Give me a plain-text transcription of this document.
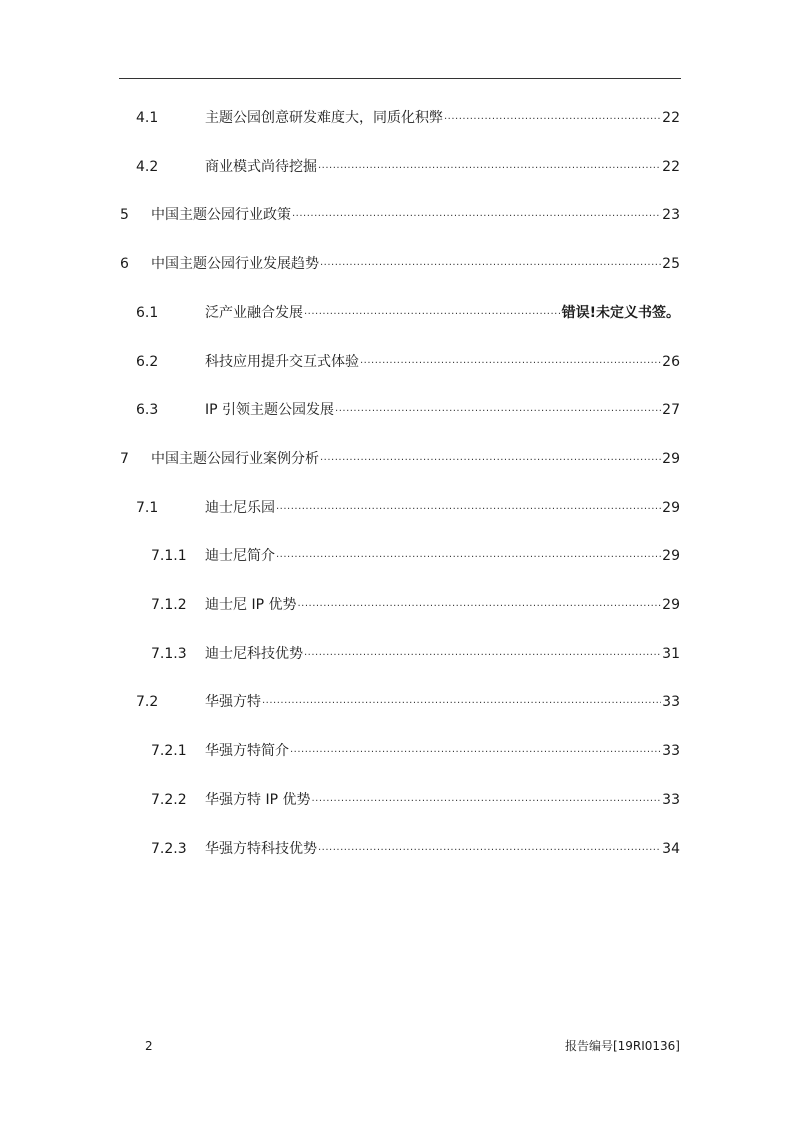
4.1	主题公园创意研发难度大，同质化积弊 .....	22
4.2	商业模式尚待挖掘 .....	22
5	中国主题公园行业政策 .....	23
6	中国主题公园行业发展趋势 .....	25
6.1	泛产业融合发展 .....	错误!未定义书签。
6.2	科技应用提升交互式体验 .....	26
6.3	IP 引领主题公园发展 .....	27
7	中国主题公园行业案例分析 .....	29
7.1	迪士尼乐园 .....	29
7.1.1	迪士尼简介 .....	29
7.1.2	迪士尼 IP 优势 .....	29
7.1.3	迪士尼科技优势 .....	31
7.2	华强方特 .....	33
7.2.1	华强方特简介 .....	33
7.2.2	华强方特 IP 优势 .....	33
7.2.3	华强方特科技优势 .....	34
2	报告编号[19RI0136]
